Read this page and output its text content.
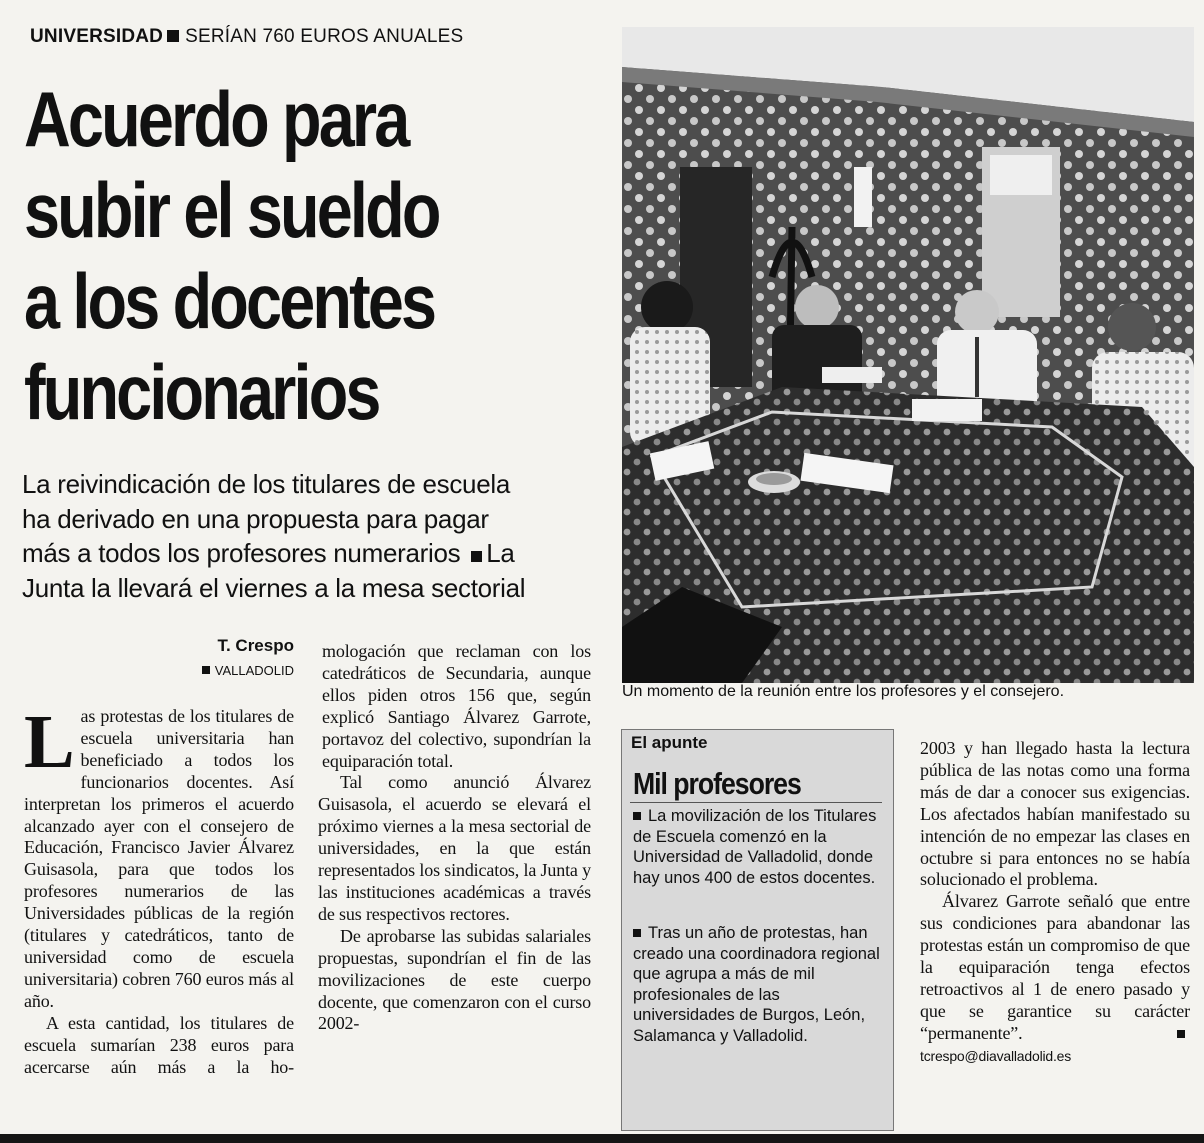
UNIVERSIDAD SERÍAN 760 EUROS ANUALES
Acuerdo para
subir el sueldo
a los docentes
funcionarios
La reivindicación de los titulares de escuela
ha derivado en una propuesta para pagar
más a todos los profesores numerarios La
Junta la llevará el viernes a la mesa sectorial
T. Crespo
VALLADOLID
L as protestas de los titulares de escuela universitaria han beneficiado a todos los funcionarios docentes. Así interpretan los primeros el acuerdo alcanzado ayer con el consejero de Educación, Francisco Javier Álvarez Guisasola, para que todos los profesores numerarios de las Universidades públicas de la región (titulares y catedráticos, tanto de universidad como de escuela universitaria) cobren 760 euros más al año.

A esta cantidad, los titulares de escuela sumarían 238 euros para acercarse aún más a la ho-

mologación que reclaman con los catedráticos de Secundaria, aunque ellos piden otros 156 que, según explicó Santiago Álvarez Garrote, portavoz del colectivo, supondrían la equiparación total.

Tal como anunció Álvarez Guisasola, el acuerdo se elevará el próximo viernes a la mesa sectorial de universidades, en la que están representados los sindicatos, la Junta y las instituciones académicas a través de sus respectivos rectores.

De aprobarse las subidas salariales propuestas, supondrían el fin de las movilizaciones de este cuerpo docente, que comenzaron con el curso 2002-

2003 y han llegado hasta la lectura pública de las notas como una forma más de dar a conocer sus exigencias. Los afectados habían manifestado su intención de no empezar las clases en octubre si para entonces no se había solucionado el problema.

Álvarez Garrote señaló que entre sus condiciones para abandonar las protestas están un compromiso de que la equiparación tenga efectos retroactivos al 1 de enero pasado y que se garantice su carácter “permanente”. tcrespo@diavalladolid.es

Un momento de la reunión entre los profesores y el consejero.
El apunte
Mil profesores
La movilización de los Titulares de Escuela comenzó en la Universidad de Valladolid, donde hay unos 400 de estos docentes.
Tras un año de protestas, han creado una coordinadora regional que agrupa a más de mil profesionales de las universidades de Burgos, León, Salamanca y Valladolid.
